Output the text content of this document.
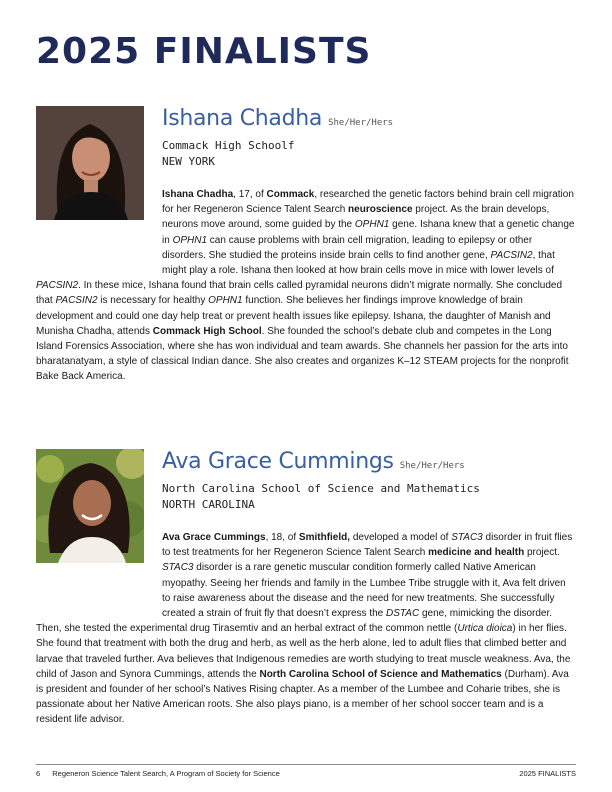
2025 FINALISTS
Ishana Chadha She/Her/Hers
Commack High Schoolf
NEW YORK

Ishana Chadha, 17, of Commack, researched the genetic factors behind brain cell migration for her Regeneron Science Talent Search neuroscience project. As the brain develops, neurons move around, some guided by the OPHN1 gene. Ishana knew that a genetic change in OPHN1 can cause problems with brain cell migration, leading to epilepsy or other disorders. She studied the proteins inside brain cells to find another gene, PACSIN2, that might play a role. Ishana then looked at how brain cells move in mice with lower levels of PACSIN2. In these mice, Ishana found that brain cells called pyramidal neurons didn’t migrate normally. She concluded that PACSIN2 is necessary for healthy OPHN1 function. She believes her findings improve knowledge of brain development and could one day help treat or prevent health issues like epilepsy. Ishana, the daughter of Manish and Munisha Chadha, attends Commack High School. She founded the school’s debate club and competes in the Long Island Forensics Association, where she has won individual and team awards. She channels her passion for the arts into bharatanatyam, a style of classical Indian dance. She also creates and organizes K–12 STEAM projects for the nonprofit Bake Back America.

Ava Grace Cummings She/Her/Hers
North Carolina School of Science and Mathematics
NORTH CAROLINA

Ava Grace Cummings, 18, of Smithfield, developed a model of STAC3 disorder in fruit flies to test treatments for her Regeneron Science Talent Search medicine and health project. STAC3 disorder is a rare genetic muscular condition formerly called Native American myopathy. Seeing her friends and family in the Lumbee Tribe struggle with it, Ava felt driven to raise awareness about the disease and the need for new treatments. She successfully created a strain of fruit fly that doesn’t express the DSTAC gene, mimicking the disorder. Then, she tested the experimental drug Tirasemtiv and an herbal extract of the common nettle (Urtica dioica) in her flies. She found that treatment with both the drug and herb, as well as the herb alone, led to adult flies that climbed better and larvae that traveled further. Ava believes that Indigenous remedies are worth studying to treat muscle weakness. Ava, the child of Jason and Synora Cummings, attends the North Carolina School of Science and Mathematics (Durham). Ava is president and founder of her school’s Natives Rising chapter. As a member of the Lumbee and Coharie tribes, she is passionate about her Native American roots. She also plays piano, is a member of her school soccer team and is a resident life advisor.

6 Regeneron Science Talent Search, A Program of Society for Science	2025 FINALISTS
